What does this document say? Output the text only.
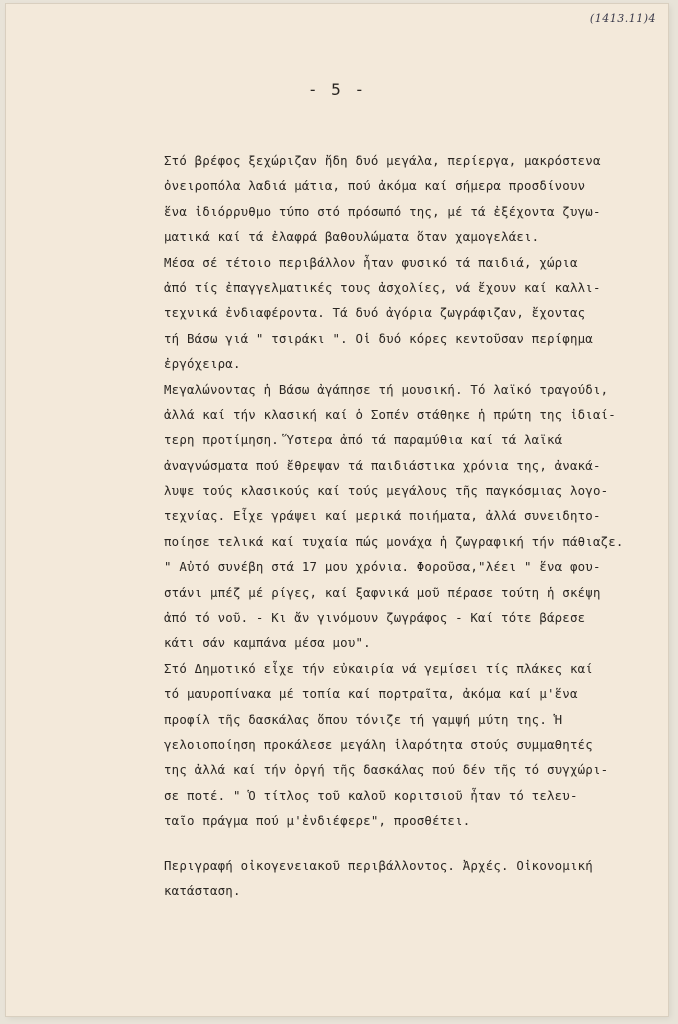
(1413.11)4
- 5 -
Στό βρέφος ξεχώριζαν ἤδη δυό μεγάλα, περίεργα, μακρόστενα
ὀνειροπόλα λαδιά μάτια, πού ἀκόμα καί σήμερα προσδίνουν
ἕνα ἰδιόρρυθμο τύπο στό πρόσωπό της, μέ τά ἐξέχοντα ζυγω-
ματικά καί τά ἐλαφρά βαθουλώματα ὅταν χαμογελάει.
Μέσα σέ τέτοιο περιβάλλον ἦταν φυσικό τά παιδιά, χώρια
ἀπό τίς ἐπαγγελματικές τους ἀσχολίες, νά ἔχουν καί καλλι-
τεχνικά ἐνδιαφέροντα. Τά δυό ἀγόρια ζωγράφιζαν, ἔχοντας
τή Βάσω γιά " τσιράκι ". Οἱ δυό κόρες κεντοῦσαν περίφημα
ἐργόχειρα.
Μεγαλώνοντας ἡ Βάσω ἀγάπησε τή μουσική. Τό λαϊκό τραγούδι,
ἀλλά καί τήν κλασική καί ὁ Σοπέν στάθηκε ἡ πρώτη της ἰδιαί-
τερη προτίμηση. Ὕστερα ἀπό τά παραμύθια καί τά λαϊκά
ἀναγνώσματα πού ἔθρεψαν τά παιδιάστικα χρόνια της, ἀνακά-
λυψε τούς κλασικούς καί τούς μεγάλους τῆς παγκόσμιας λογο-
τεχνίας. Εἶχε γράψει καί μερικά ποιήματα, ἀλλά συνειδητο-
ποίησε τελικά καί τυχαία πώς μονάχα ἡ ζωγραφική τήν πάθιαζε.
" Αὐτό συνέβη στά 17 μου χρόνια. Φοροῦσα,"λέει " ἕνα φου-
στάνι μπέζ μέ ρίγες, καί ξαφνικά μοῦ πέρασε τούτη ἡ σκέψη
ἀπό τό νοῦ. - Κι ἄν γινόμουν ζωγράφος - Καί τότε βάρεσε
κάτι σάν καμπάνα μέσα μου".
Στό Δημοτικό εἶχε τήν εὐκαιρία νά γεμίσει τίς πλάκες καί
τό μαυροπίνακα μέ τοπία καί πορτραῖτα, ἀκόμα καί μ'ἕνα
προφίλ τῆς δασκάλας ὅπου τόνιζε τή γαμψή μύτη της. Ἡ
γελοιοποίηση προκάλεσε μεγάλη ἱλαρότητα στούς συμμαθητές
της ἀλλά καί τήν ὀργή τῆς δασκάλας πού δέν τῆς τό συγχώρι-
σε ποτέ. " Ὁ τίτλος τοῦ καλοῦ κοριτσιοῦ ἦταν τό τελευ-
ταῖο πράγμα πού μ'ἐνδιέφερε", προσθέτει.
Περιγραφή οἰκογενειακοῦ περιβάλλοντος. Ἀρχές. Οἰκονομική
κατάσταση.
